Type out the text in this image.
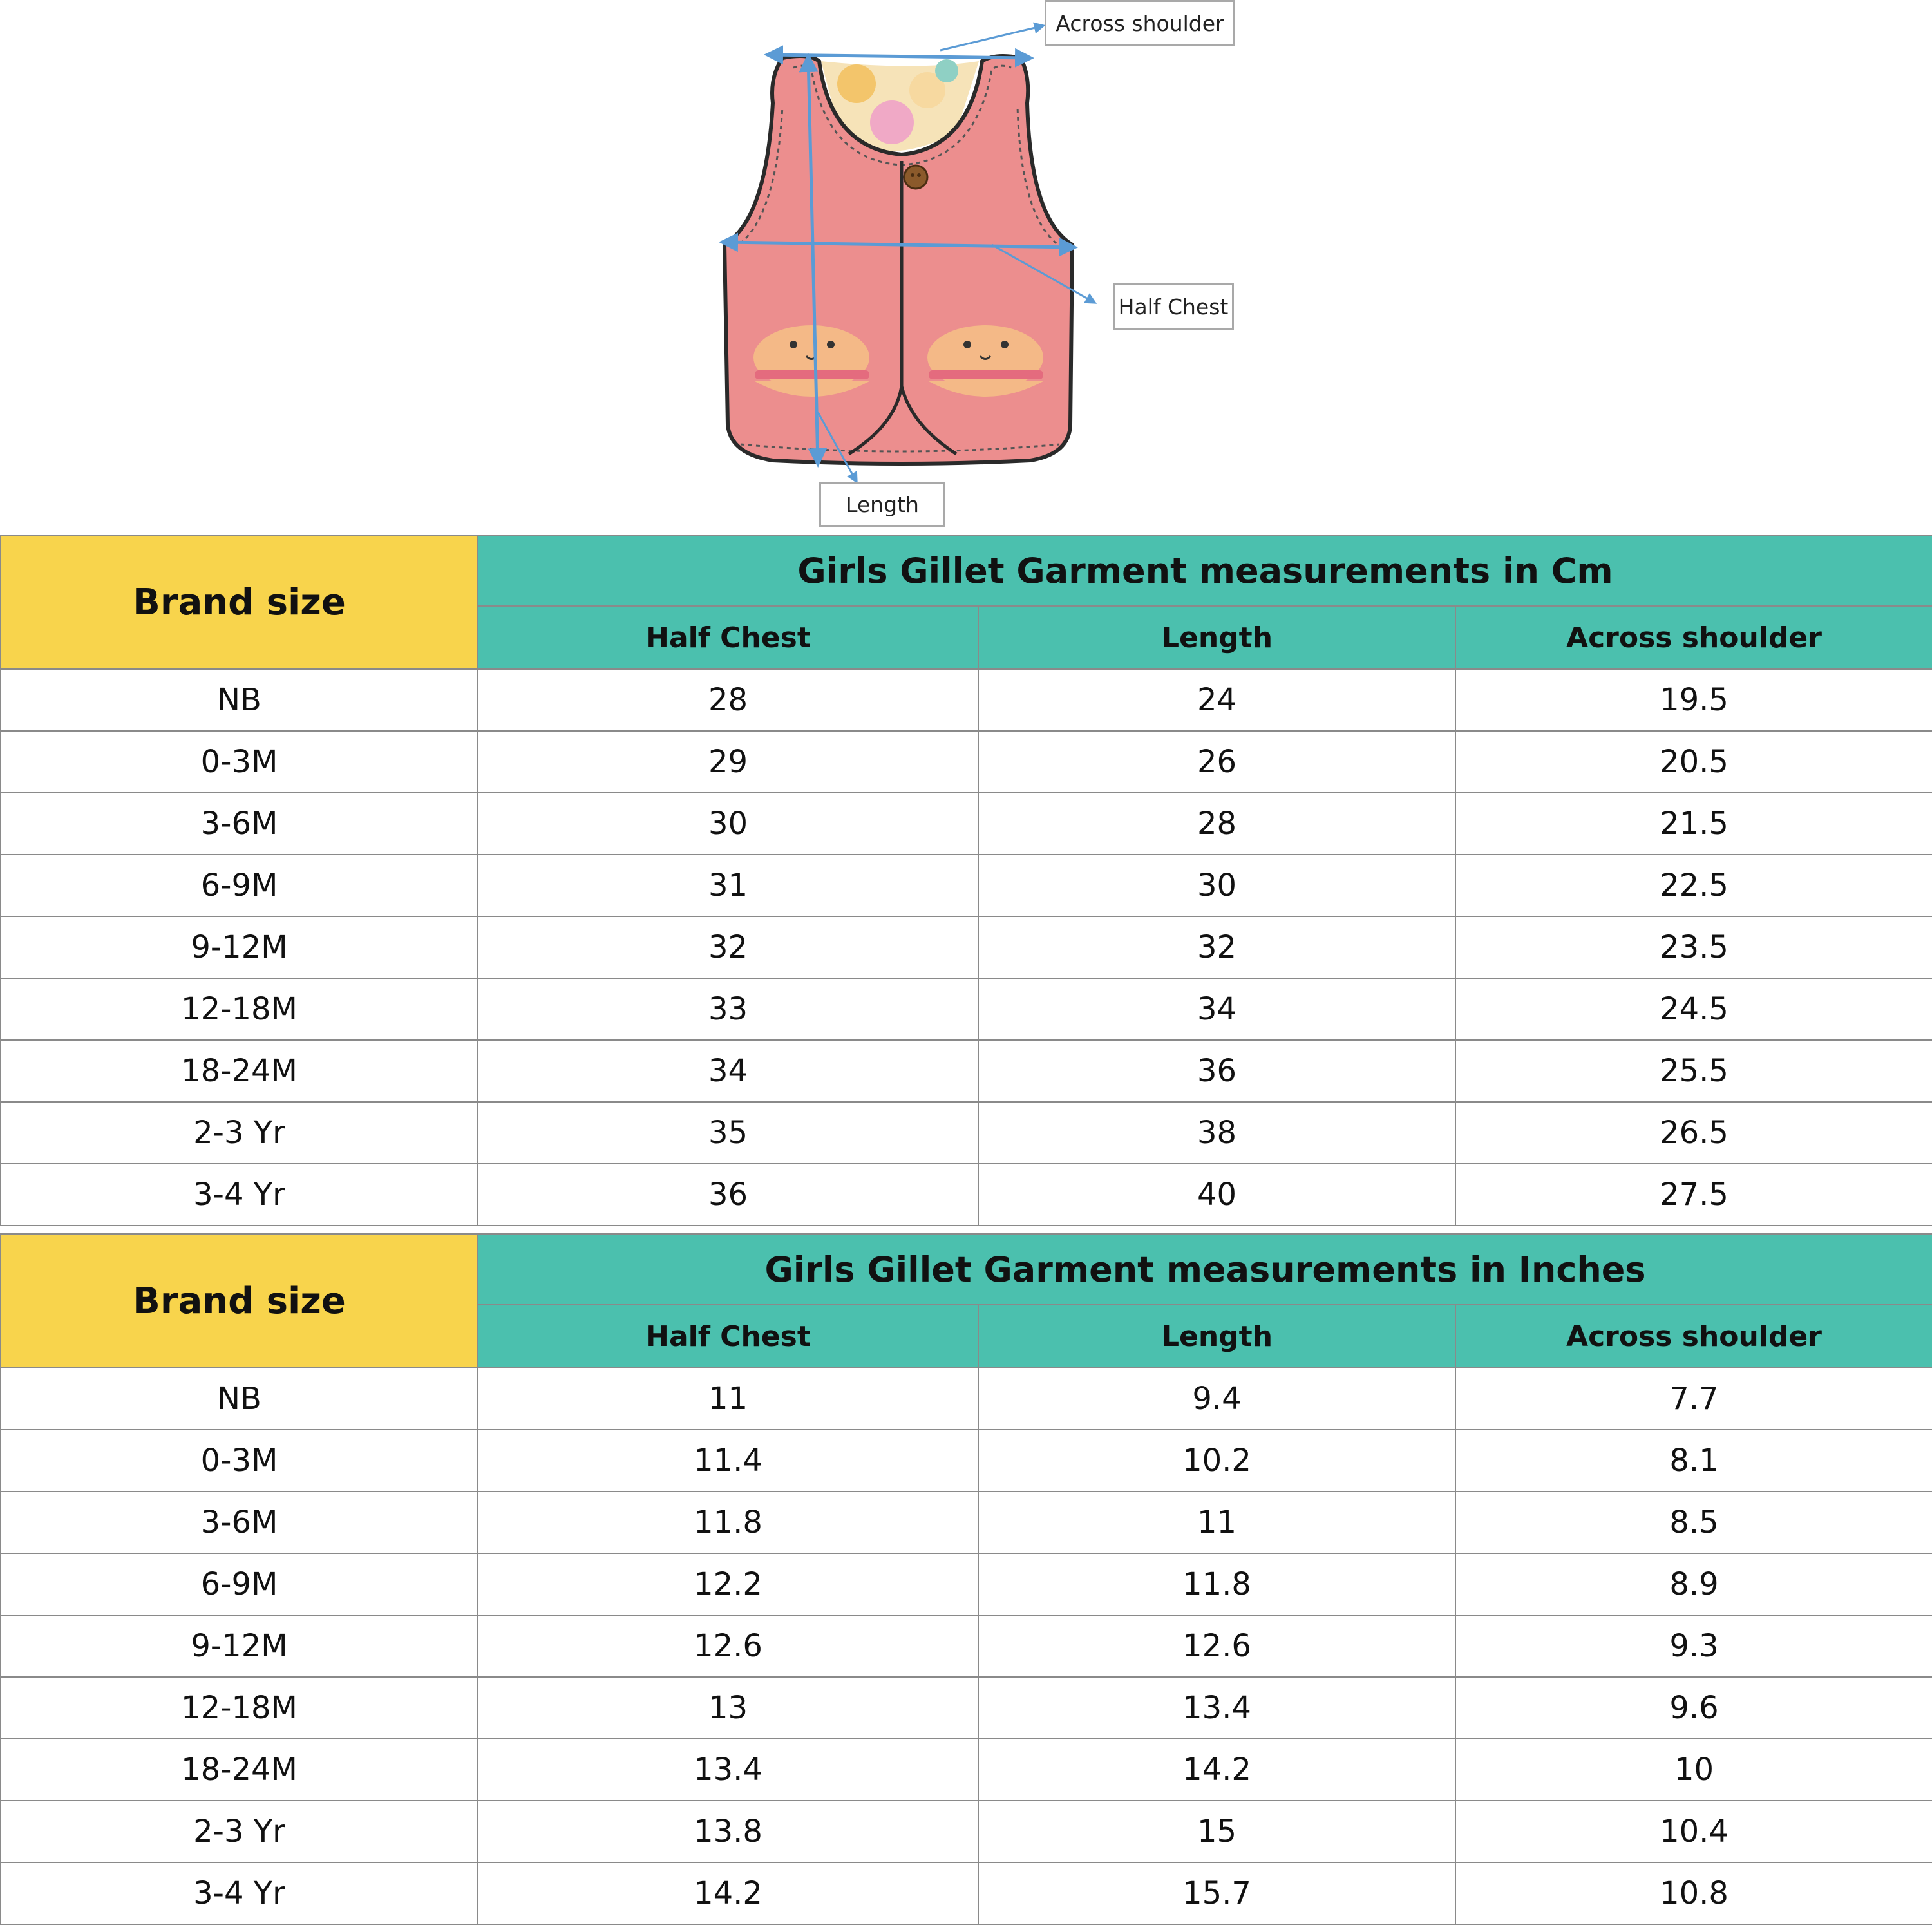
Across shoulder
Half Chest
Length
Brand size	Girls Gillet Garment measurements in Cm		
	Half Chest	Length	Across shoulder
NB	28	24	19.5
0-3M	29	26	20.5
3-6M	30	28	21.5
6-9M	31	30	22.5
9-12M	32	32	23.5
12-18M	33	34	24.5
18-24M	34	36	25.5
2-3 Yr	35	38	26.5
3-4 Yr	36	40	27.5
Brand size	Girls Gillet Garment measurements in Inches		
	Half Chest	Length	Across shoulder
NB	11	9.4	7.7
0-3M	11.4	10.2	8.1
3-6M	11.8	11	8.5
6-9M	12.2	11.8	8.9
9-12M	12.6	12.6	9.3
12-18M	13	13.4	9.6
18-24M	13.4	14.2	10
2-3 Yr	13.8	15	10.4
3-4 Yr	14.2	15.7	10.8
